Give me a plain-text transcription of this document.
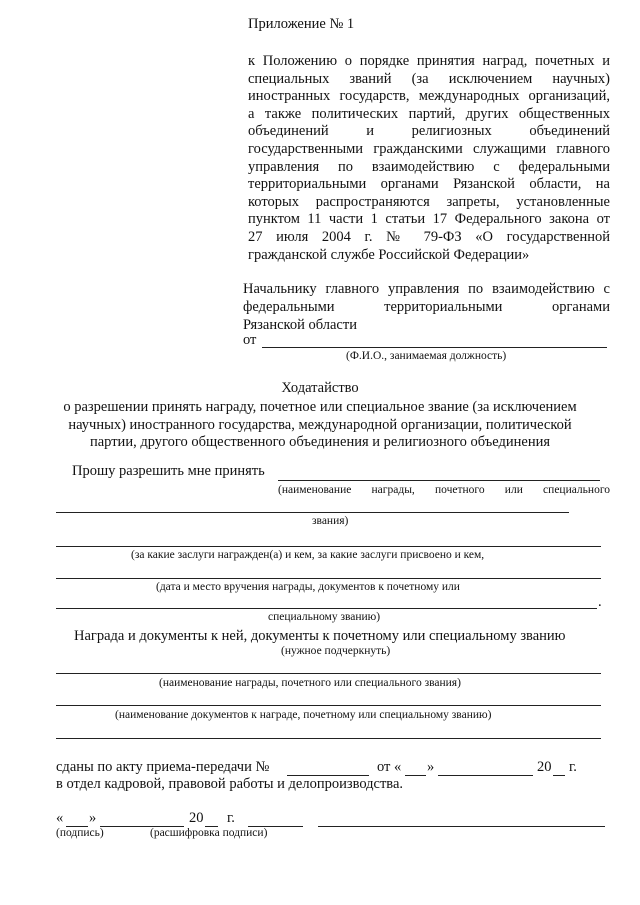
Приложение № 1
к Положению о порядке принятия наград, почетных и
специальных званий (за исключением научных)
иностранных государств, международных организаций,
а также политических партий, других общественных
объединений и религиозных объединений
государственными гражданскими служащими главного
управления по взаимодействию с федеральными
территориальными органами Рязанской области, на
которых распространяются запреты, установленные
пунктом 11 части 1 статьи 17 Федерального закона от
27 июля 2004 г. № 79-ФЗ «О государственной
гражданской службе Российской Федерации»
Начальнику главного управления по взаимодействию с
федеральными территориальными органами
Рязанской области
от
(Ф.И.О., занимаемая должность)
Ходатайство
о разрешении принять награду, почетное или специальное звание (за исключением
научных) иностранного государства, международной организации, политической
партии, другого общественного объединения и религиозного объединения
Прошу разрешить мне принять
(наименование награды, почетного или специального
звания)
(за какие заслуги награжден(а) и кем, за какие заслуги присвоено и кем,
(дата и место вручения награды, документов к почетному или
.
специальному званию)
Награда и документы к ней, документы к почетному или специальному званию
(нужное подчеркнуть)
(наименование награды, почетного или специального звания)
(наименование документов к награде, почетному или специальному званию)
сданы по акту приема-передачи №	от « »	20 г.
в отдел кадровой, правовой работы и делопроизводства.
« »	20 г.
(подпись)	(расшифровка подписи)
